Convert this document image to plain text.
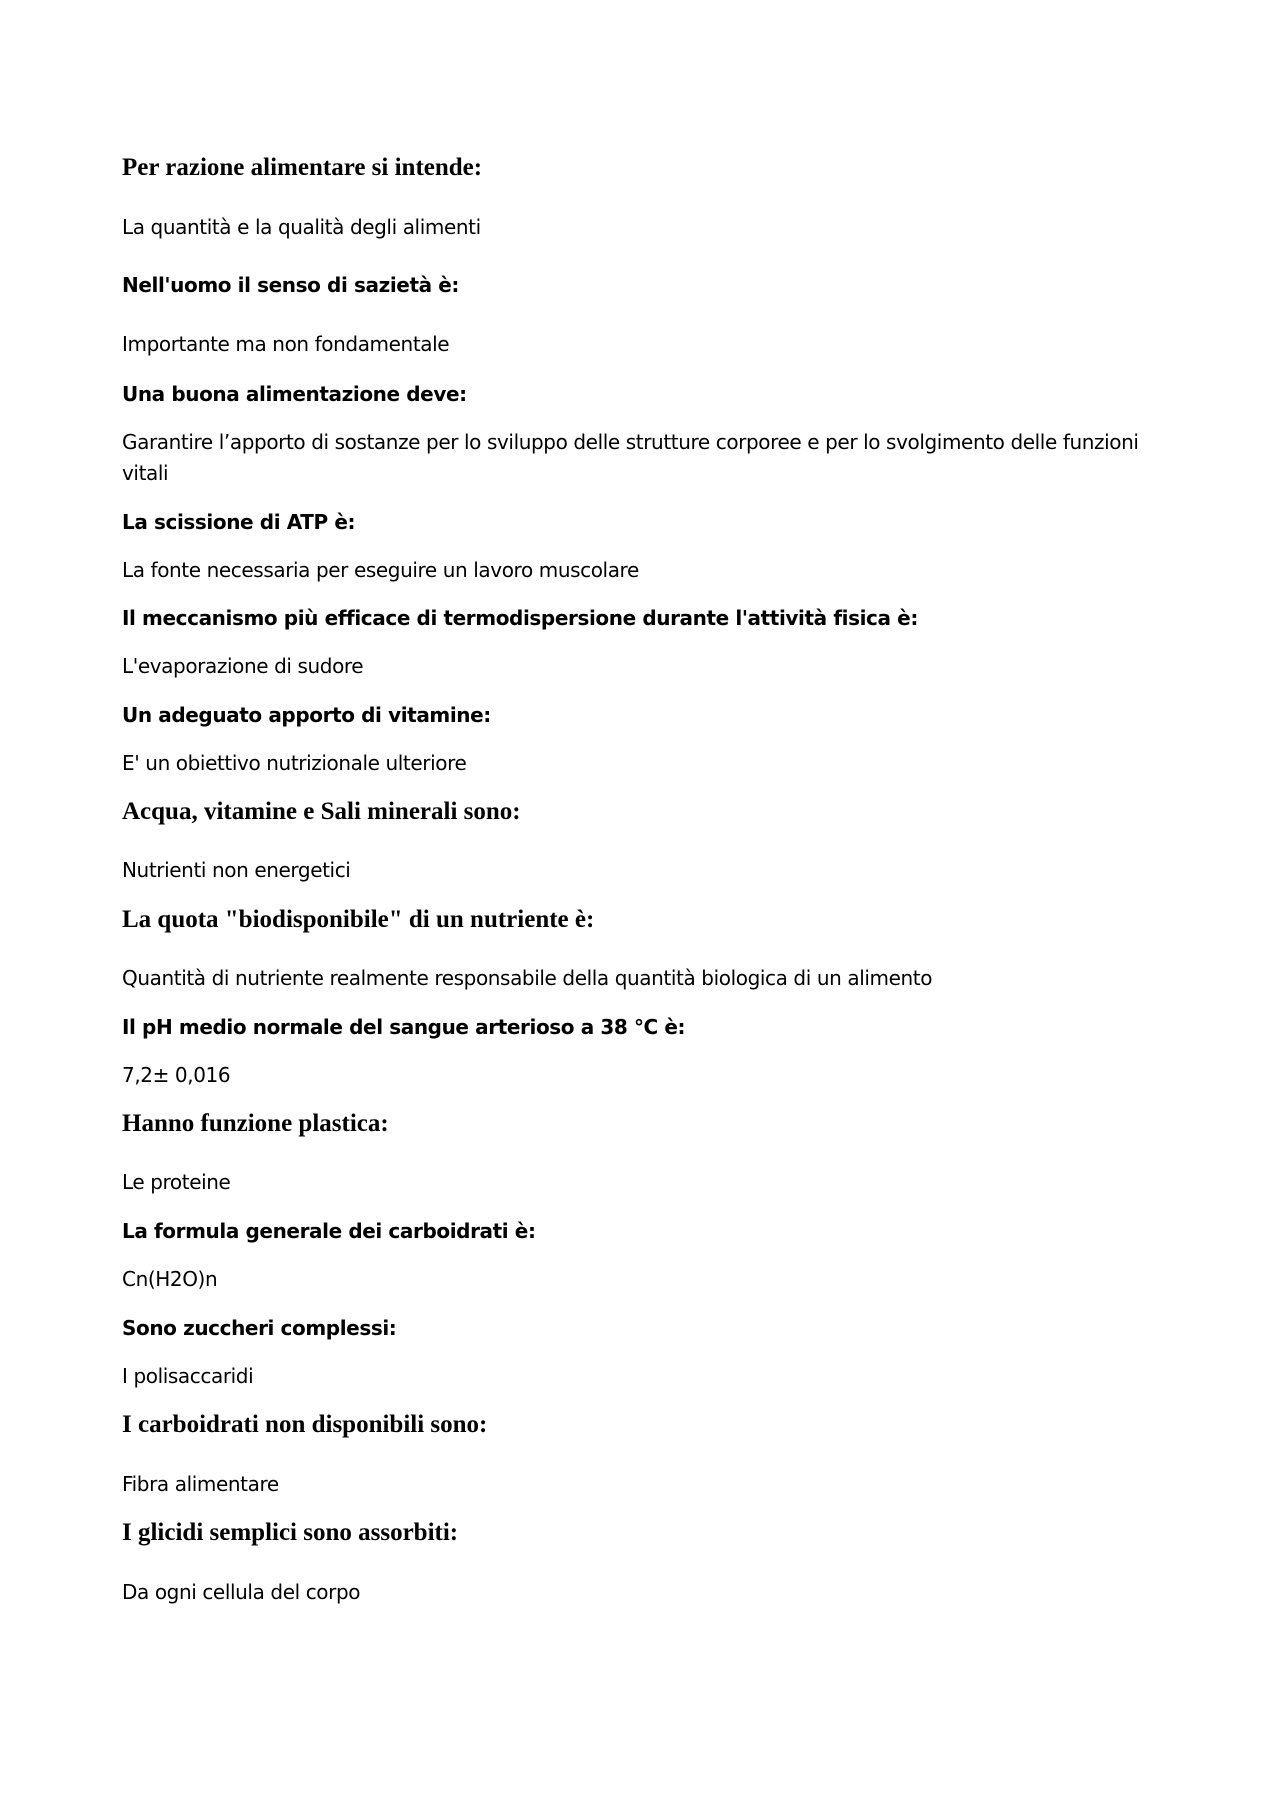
Per razione alimentare si intende:

La quantità e la qualità degli alimenti

Nell'uomo il senso di sazietà è:

Importante ma non fondamentale

Una buona alimentazione deve:

Garantire l’apporto di sostanze per lo sviluppo delle strutture corporee e per lo svolgimento delle funzioni vitali

La scissione di ATP è:

La fonte necessaria per eseguire un lavoro muscolare

Il meccanismo più efficace di termodispersione durante l'attività fisica è:

L'evaporazione di sudore

Un adeguato apporto di vitamine:

E' un obiettivo nutrizionale ulteriore

Acqua, vitamine e Sali minerali sono:

Nutrienti non energetici

La quota "biodisponibile" di un nutriente è:

Quantità di nutriente realmente responsabile della quantità biologica di un alimento

Il pH medio normale del sangue arterioso a 38 °C è:

7,2± 0,016

Hanno funzione plastica:

Le proteine

La formula generale dei carboidrati è:

Cn(H2O)n

Sono zuccheri complessi:

I polisaccaridi

I carboidrati non disponibili sono:

Fibra alimentare

I glicidi semplici sono assorbiti:

Da ogni cellula del corpo
